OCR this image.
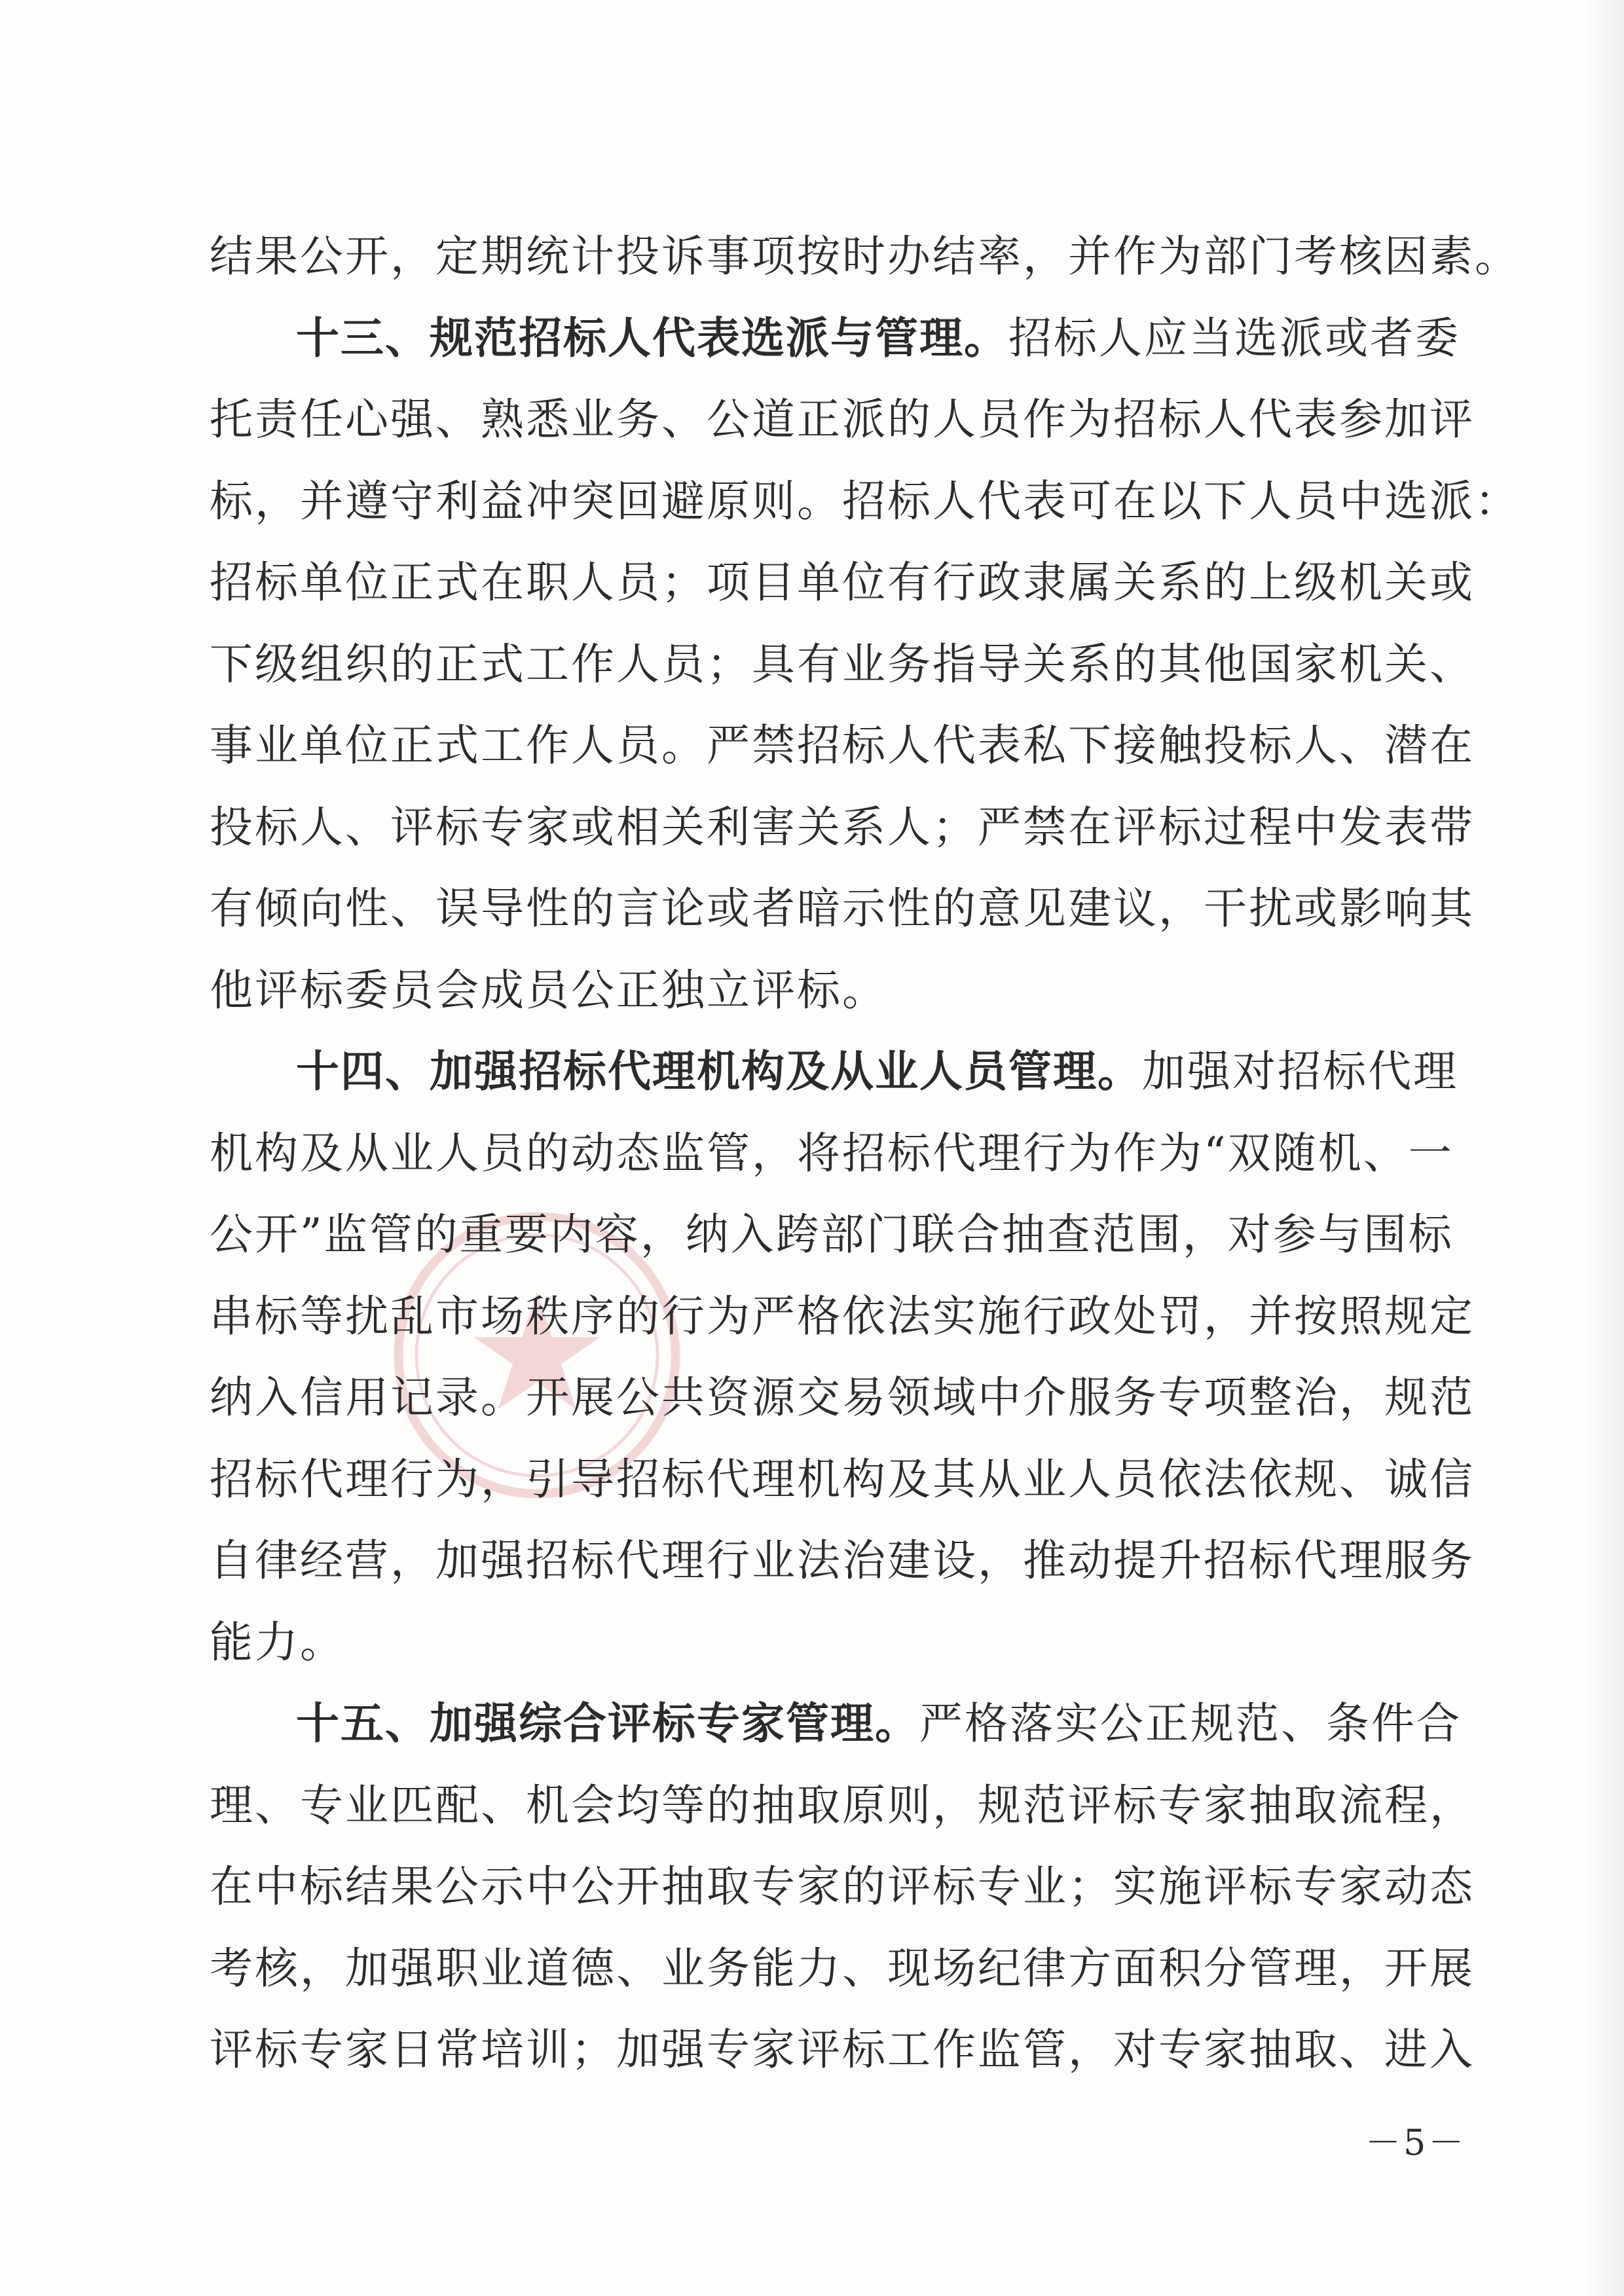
结果公开，定期统计投诉事项按时办结率，并作为部门考核因素。
十三、规范招标人代表选派与管理。招标人应当选派或者委
托责任心强、熟悉业务、公道正派的人员作为招标人代表参加评
标，并遵守利益冲突回避原则。招标人代表可在以下人员中选派：
招标单位正式在职人员；项目单位有行政隶属关系的上级机关或
下级组织的正式工作人员；具有业务指导关系的其他国家机关、
事业单位正式工作人员。严禁招标人代表私下接触投标人、潜在
投标人、评标专家或相关利害关系人；严禁在评标过程中发表带
有倾向性、误导性的言论或者暗示性的意见建议，干扰或影响其
他评标委员会成员公正独立评标。
十四、加强招标代理机构及从业人员管理。加强对招标代理
机构及从业人员的动态监管，将招标代理行为作为“双随机、一
公开”监管的重要内容，纳入跨部门联合抽查范围，对参与围标
串标等扰乱市场秩序的行为严格依法实施行政处罚，并按照规定
纳入信用记录。开展公共资源交易领域中介服务专项整治，规范
招标代理行为，引导招标代理机构及其从业人员依法依规、诚信
自律经营，加强招标代理行业法治建设，推动提升招标代理服务
能力。
十五、加强综合评标专家管理。严格落实公正规范、条件合
理、专业匹配、机会均等的抽取原则，规范评标专家抽取流程，
在中标结果公示中公开抽取专家的评标专业；实施评标专家动态
考核，加强职业道德、业务能力、现场纪律方面积分管理，开展
评标专家日常培训；加强专家评标工作监管，对专家抽取、进入
－5－
